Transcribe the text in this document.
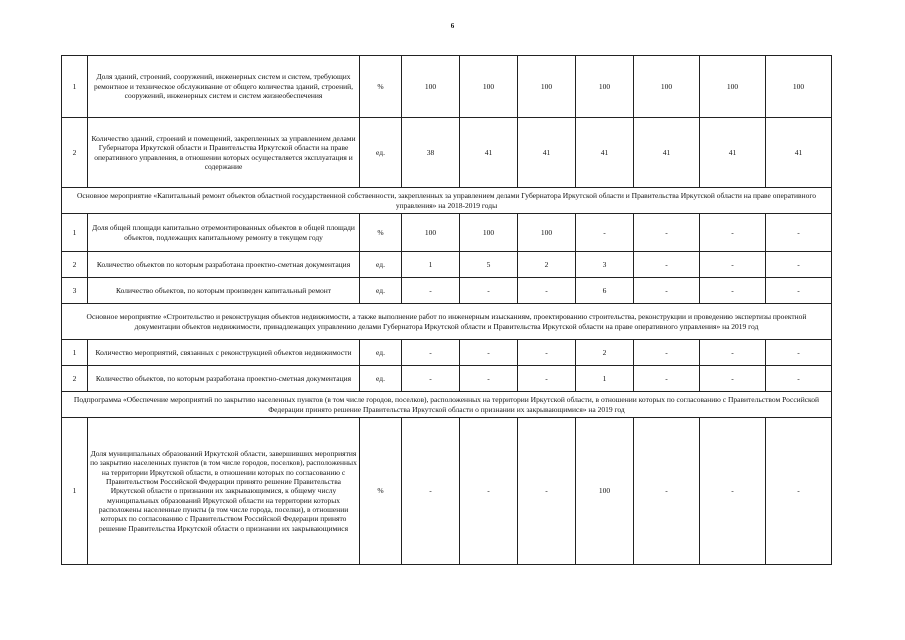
6
1	Доля зданий, строений, сооружений, инженерных систем и систем, требующих ремонтное и техническое обслуживание от общего количества зданий, строений, сооружений, инженерных систем и систем жизнеобеспечения	%	100	100	100	100	100	100	100
2	Количество зданий, строений и помещений, закрепленных за управлением делами Губернатора Иркутской области и Правительства Иркутской области на праве оперативного управления, в отношении которых осуществляется эксплуатация и содержание	ед.	38	41	41	41	41	41	41
Основное мероприятие «Капитальный ремонт объектов областной государственной собственности, закрепленных за управлением делами Губернатора Иркутской области и Правительства Иркутской области на праве оперативного управления» на 2018-2019 годы									
1	Доля общей площади капитально отремонтированных объектов в общей площади объектов, подлежащих капитальному ремонту в текущем году	%	100	100	100	-	-	-	-
2	Количество объектов по которым разработана проектно-сметная документация	ед.	1	5	2	3	-	-	-
3	Количество объектов, по которым произведен капитальный ремонт	ед.	-	-	-	6	-	-	-
Основное мероприятие «Строительство и реконструкция объектов недвижимости, а также выполнение работ по инженерным изысканиям, проектированию строительства, реконструкции и проведению экспертизы проектной документации объектов недвижимости, принадлежащих управлению делами Губернатора Иркутской области и Правительства Иркутской области на праве оперативного управления» на 2019 год									
1	Количество мероприятий, связанных с реконструкцией объектов недвижимости	ед.	-	-	-	2	-	-	-
2	Количество объектов, по которым разработана проектно-сметная документация	ед.	-	-	-	1	-	-	-
Подпрограмма «Обеспечение мероприятий по закрытию населенных пунктов (в том числе городов, поселков), расположенных на территории Иркутской области, в отношении которых по согласованию с Правительством Российской Федерации принято решение Правительства Иркутской области о признании их закрывающимися» на 2019 год									
1	Доля муниципальных образований Иркутской области, завершивших мероприятия по закрытию населенных пунктов (в том числе городов, поселков), расположенных на территории Иркутской области, в отношении которых по согласованию с Правительством Российской Федерации принято решение Правительства Иркутской области о признании их закрывающимися, к общему числу муниципальных образований Иркутской области на территории которых расположены населенные пункты (в том числе города, поселки), в отношении которых по согласованию с Правительством Российской Федерации принято решение Правительства Иркутской области о признании их закрывающимися	%	-	-	-	100	-	-	-
